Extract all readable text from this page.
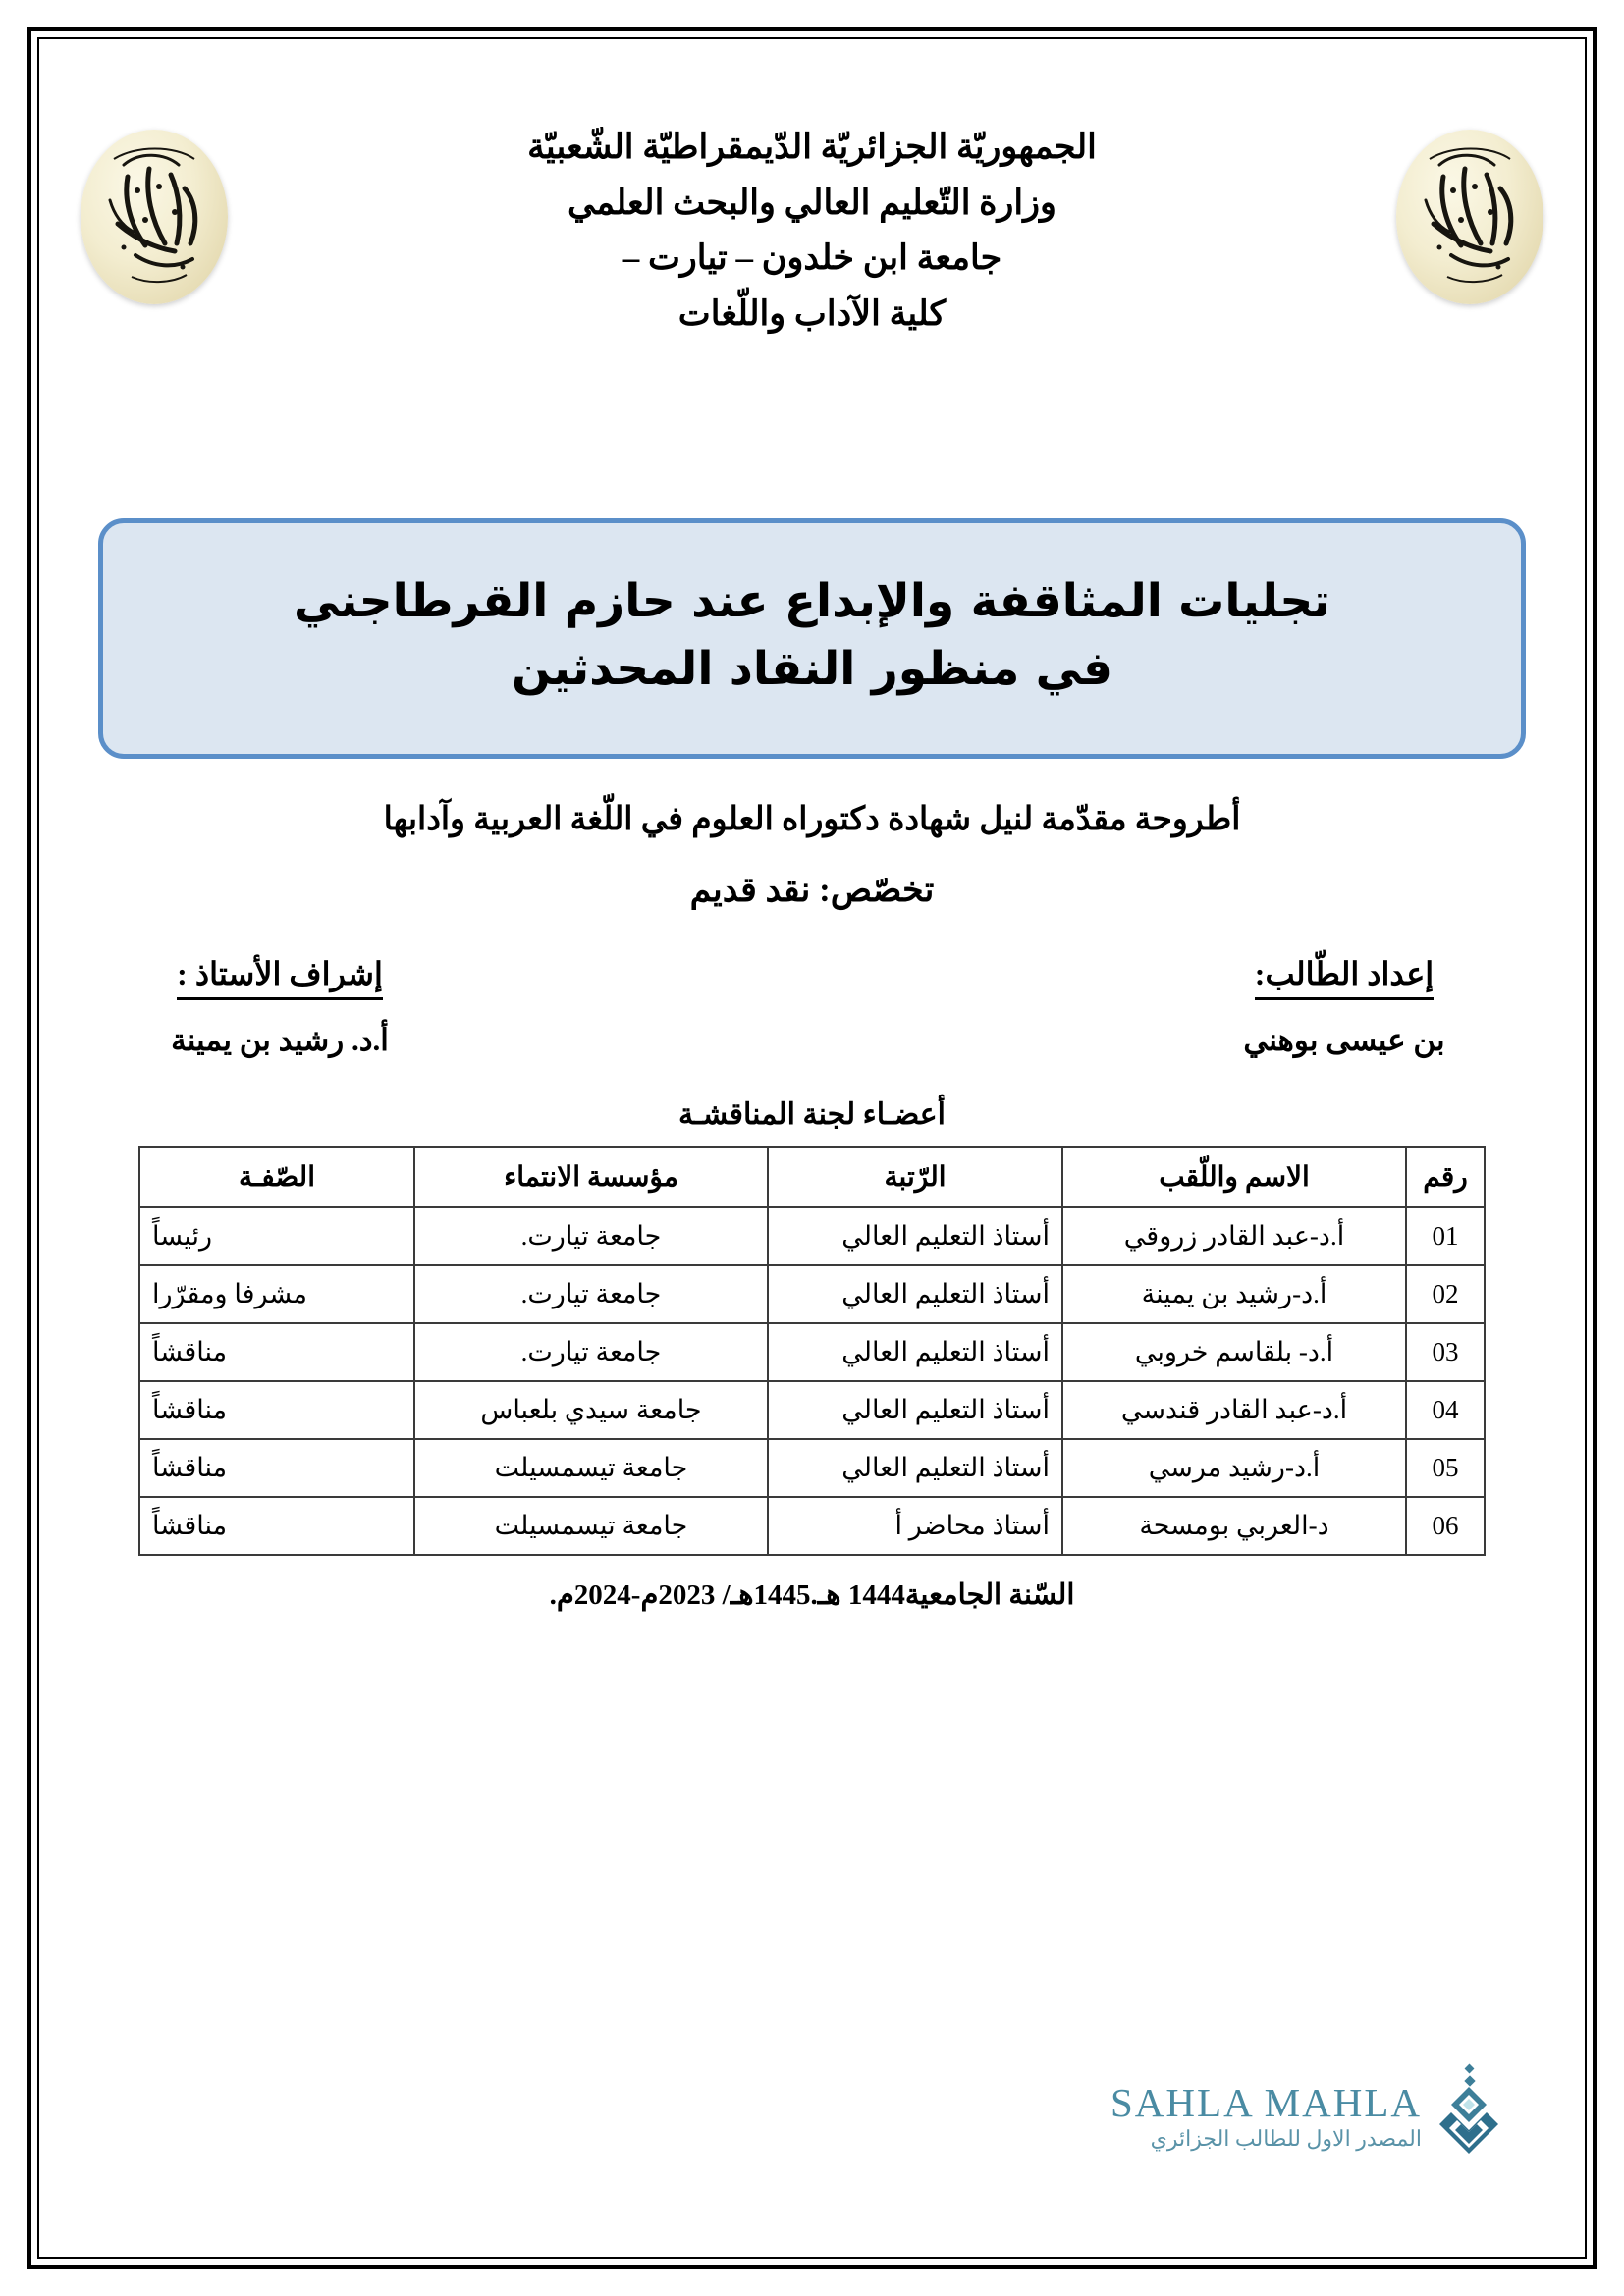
الجمهوريّة الجزائريّة الدّيمقراطيّة الشّعبيّة
وزارة التّعليم العالي والبحث العلمي
جامعة ابن خلدون – تيارت –
كلية الآداب واللّغات
تجليات المثاقفة والإبداع عند حازم القرطاجني
في منظور النقاد المحدثين
أطروحة مقدّمة لنيل شهادة دكتوراه العلوم في اللّغة العربية وآدابها
تخصّص: نقد قديم
إعداد الطّالب:
بن عيسى بوهني
إشراف الأستاذ :
أ.د. رشيد بن يمينة
أعضـاء لجنة المناقشـة
رقم	الاسم واللّقب	الرّتبة	مؤسسة الانتماء	الصّفـة
01	أ.د-عبد القادر زروقي	أستاذ التعليم العالي	جامعة تيارت.	رئيساً
02	أ.د-رشيد بن يمينة	أستاذ التعليم العالي	جامعة تيارت.	مشرفا ومقرّرا
03	أ.د- بلقاسم خروبي	أستاذ التعليم العالي	جامعة تيارت.	مناقشاً
04	أ.د-عبد القادر قندسي	أستاذ التعليم العالي	جامعة سيدي بلعباس	مناقشاً
05	أ.د-رشيد مرسي	أستاذ التعليم العالي	جامعة تيسمسيلت	مناقشاً
06	د-العربي بومسحة	أستاذ محاضر أ	جامعة تيسمسيلت	مناقشاً
السّنة الجامعية1444 هـ.1445هـ/ 2023م-2024م.
SAHLA MAHLA
المصدر الاول للطالب الجزائري
